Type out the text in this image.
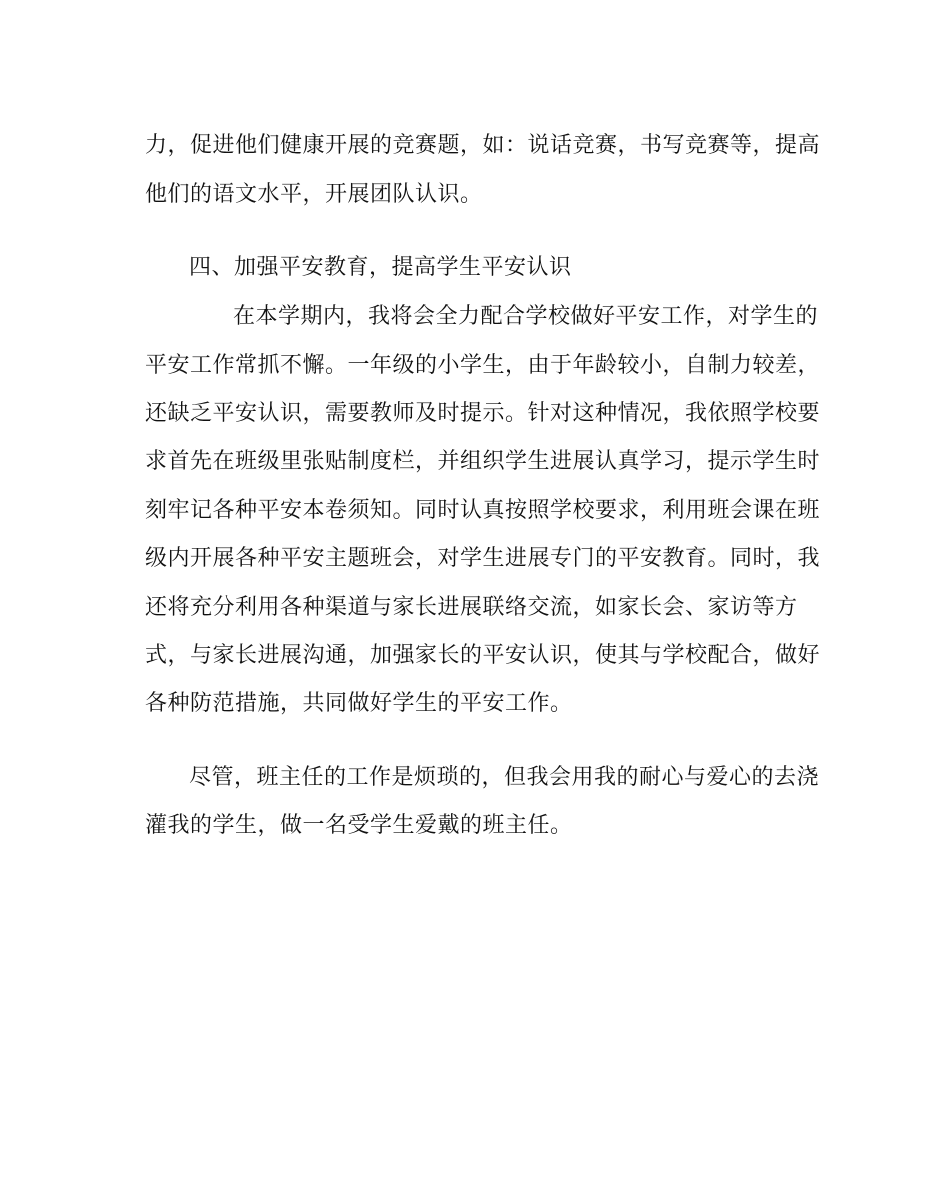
力，促进他们健康开展的竞赛题，如：说话竞赛，书写竞赛等，提高
他们的语文水平，开展团队认识。
四、加强平安教育，提高学生平安认识
在本学期内，我将会全力配合学校做好平安工作，对学生的
平安工作常抓不懈。一年级的小学生，由于年龄较小，自制力较差，
还缺乏平安认识，需要教师及时提示。针对这种情况，我依照学校要
求首先在班级里张贴制度栏，并组织学生进展认真学习，提示学生时
刻牢记各种平安本卷须知。同时认真按照学校要求，利用班会课在班
级内开展各种平安主题班会，对学生进展专门的平安教育。同时，我
还将充分利用各种渠道与家长进展联络交流，如家长会、家访等方
式，与家长进展沟通，加强家长的平安认识，使其与学校配合，做好
各种防范措施，共同做好学生的平安工作。
尽管，班主任的工作是烦琐的，但我会用我的耐心与爱心的去浇
灌我的学生，做一名受学生爱戴的班主任。
